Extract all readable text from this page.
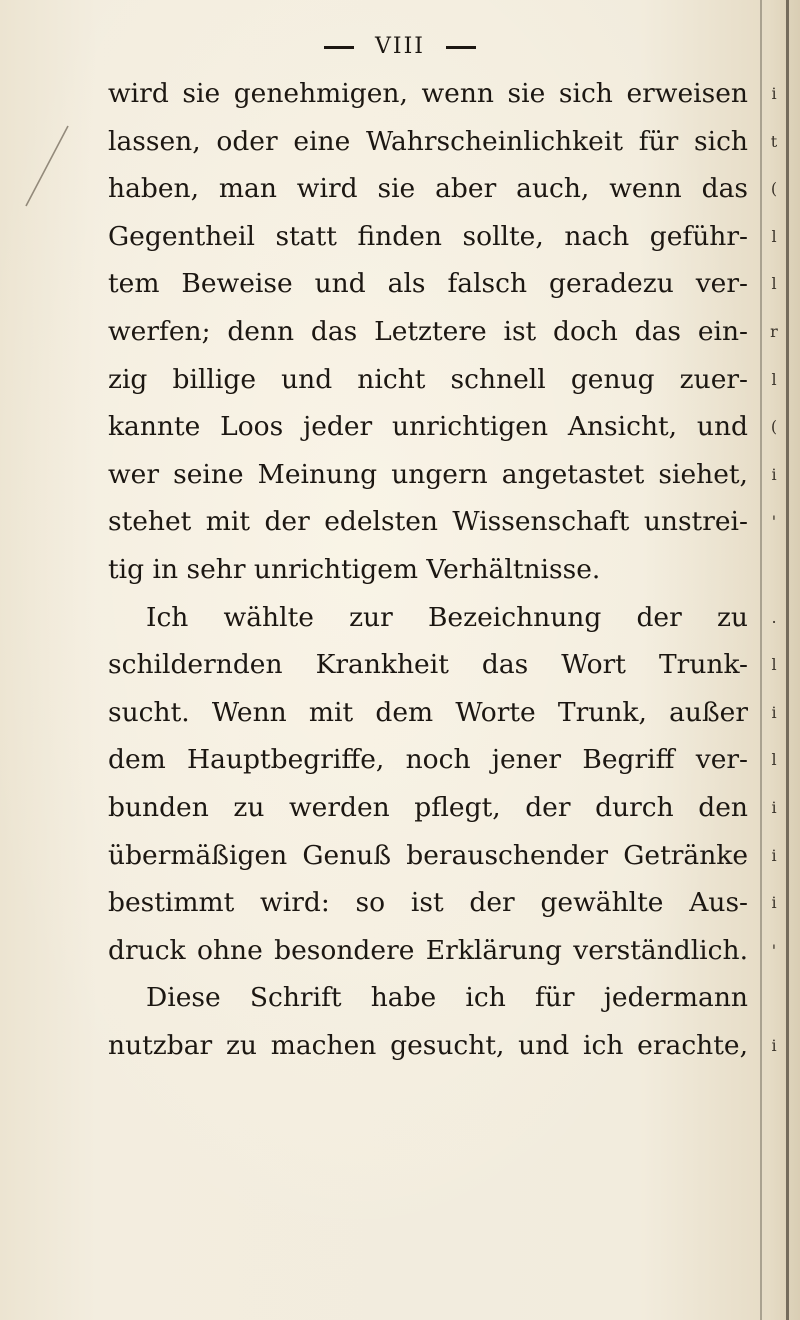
VIII
wird sie genehmigen, wenn sie sich erweisen
lassen, oder eine Wahrscheinlichkeit für sich
haben, man wird sie aber auch, wenn das
Gegentheil statt finden sollte, nach geführ-
tem Beweise und als falsch geradezu ver-
werfen; denn das Letztere ist doch das ein-
zig billige und nicht schnell genug zuer-
kannte Loos jeder unrichtigen Ansicht, und
wer seine Meinung ungern angetastet siehet,
stehet mit der edelsten Wissenschaft unstrei-
tig in sehr unrichtigem Verhältnisse.
Ich wählte zur Bezeichnung der zu
schildernden Krankheit das Wort Trunk-
sucht. Wenn mit dem Worte Trunk, außer
dem Hauptbegriffe, noch jener Begriff ver-
bunden zu werden pflegt, der durch den
übermäßigen Genuß berauschender Getränke
bestimmt wird: so ist der gewählte Aus-
druck ohne besondere Erklärung verständlich.
Diese Schrift habe ich für jedermann
nutzbar zu machen gesucht, und ich erachte,
i
t
(
l
l
r
l
(
i
'
.
l
i
l
i
i
i
'
i
